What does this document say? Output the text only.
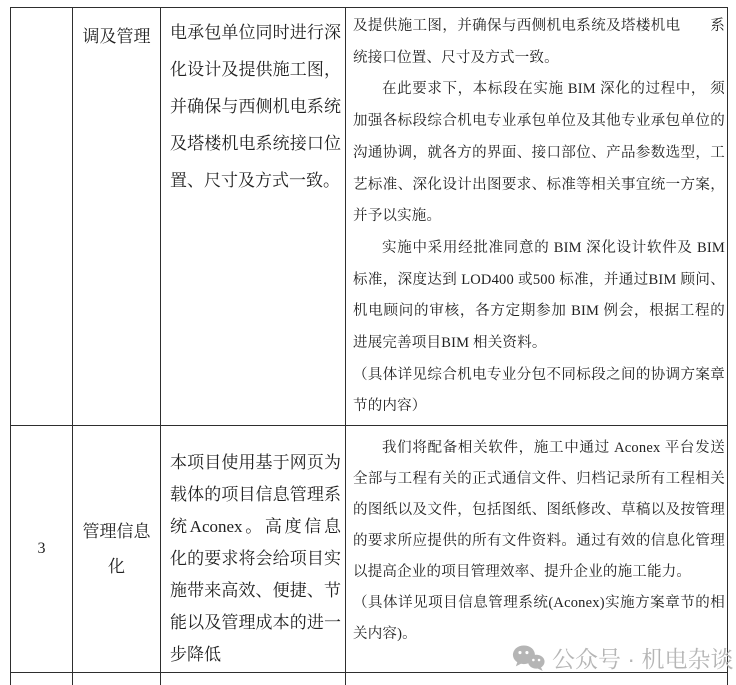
调及管理	电承包单位同时进行深化设计及提供施工图，并确保与西侧机电系统及塔楼机电系统接口位置、尺寸及方式一致。
及提供施工图，并确保与西侧机电系统及塔楼机电　　系统接口位置、尺寸及方式一致。
在此要求下，本标段在实施 BIM 深化的过程中， 须加强各标段综合机电专业承包单位及其他专业承包单位的沟通协调，就各方的界面、接口部位、产品参数选型，工艺标准、深化设计出图要求、标准等相关事宜统一方案，并予以实施。
实施中采用经批准同意的 BIM 深化设计软件及 BIM 标准，深度达到 LOD400 或500 标准，并通过BIM 顾问、机电顾问的审核，各方定期参加 BIM 例会，根据工程的进展完善项目BIM 相关资料。
（具体详见综合机电专业分包不同标段之间的协调方案章节的内容）
3
管理信息化
本项目使用基于网页为载体的项目信息管理系统Aconex。高度信息化的要求将会给项目实施带来高效、便捷、节能以及管理成本的进一步降低
我们将配备相关软件，施工中通过 Aconex 平台发送全部与工程有关的正式通信文件、归档记录所有工程相关的图纸以及文件，包括图纸、图纸修改、草稿以及按管理的要求所应提供的所有文件资料。通过有效的信息化管理以提高企业的项目管理效率、提升企业的施工能力。
（具体详见项目信息管理系统(Aconex)实施方案章节的相关内容)。
公众号 · 机电杂谈
